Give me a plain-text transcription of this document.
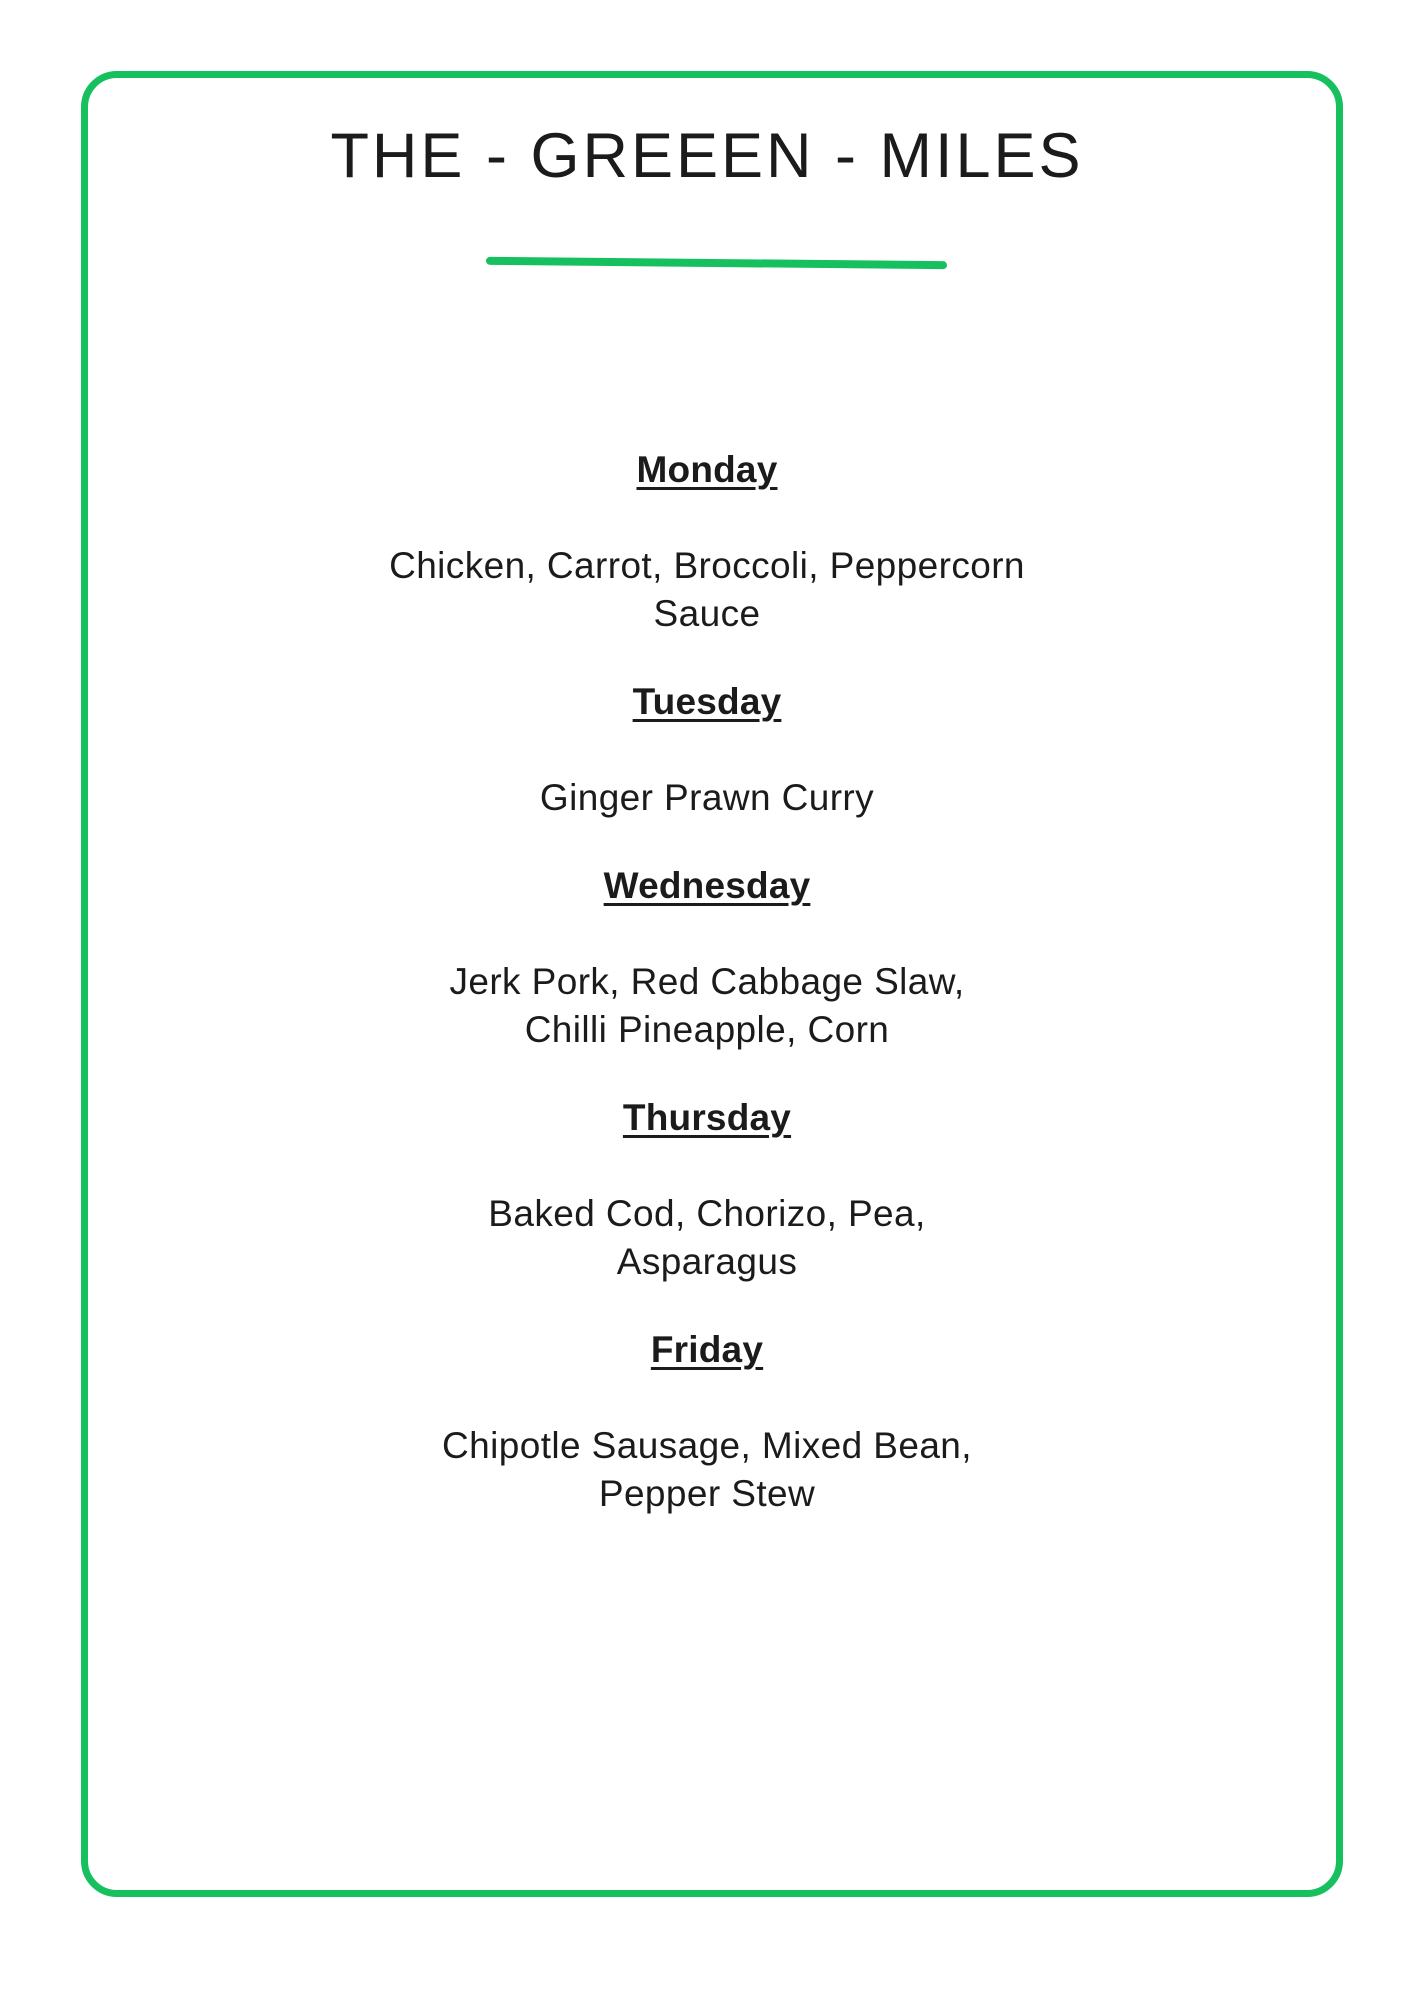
THE - GREEEN - MILES
Monday
Chicken, Carrot, Broccoli, Peppercorn
Sauce
Tuesday
Ginger Prawn Curry
Wednesday
Jerk Pork, Red Cabbage Slaw,
Chilli Pineapple, Corn
Thursday
Baked Cod, Chorizo, Pea,
Asparagus
Friday
Chipotle Sausage, Mixed Bean,
Pepper Stew
